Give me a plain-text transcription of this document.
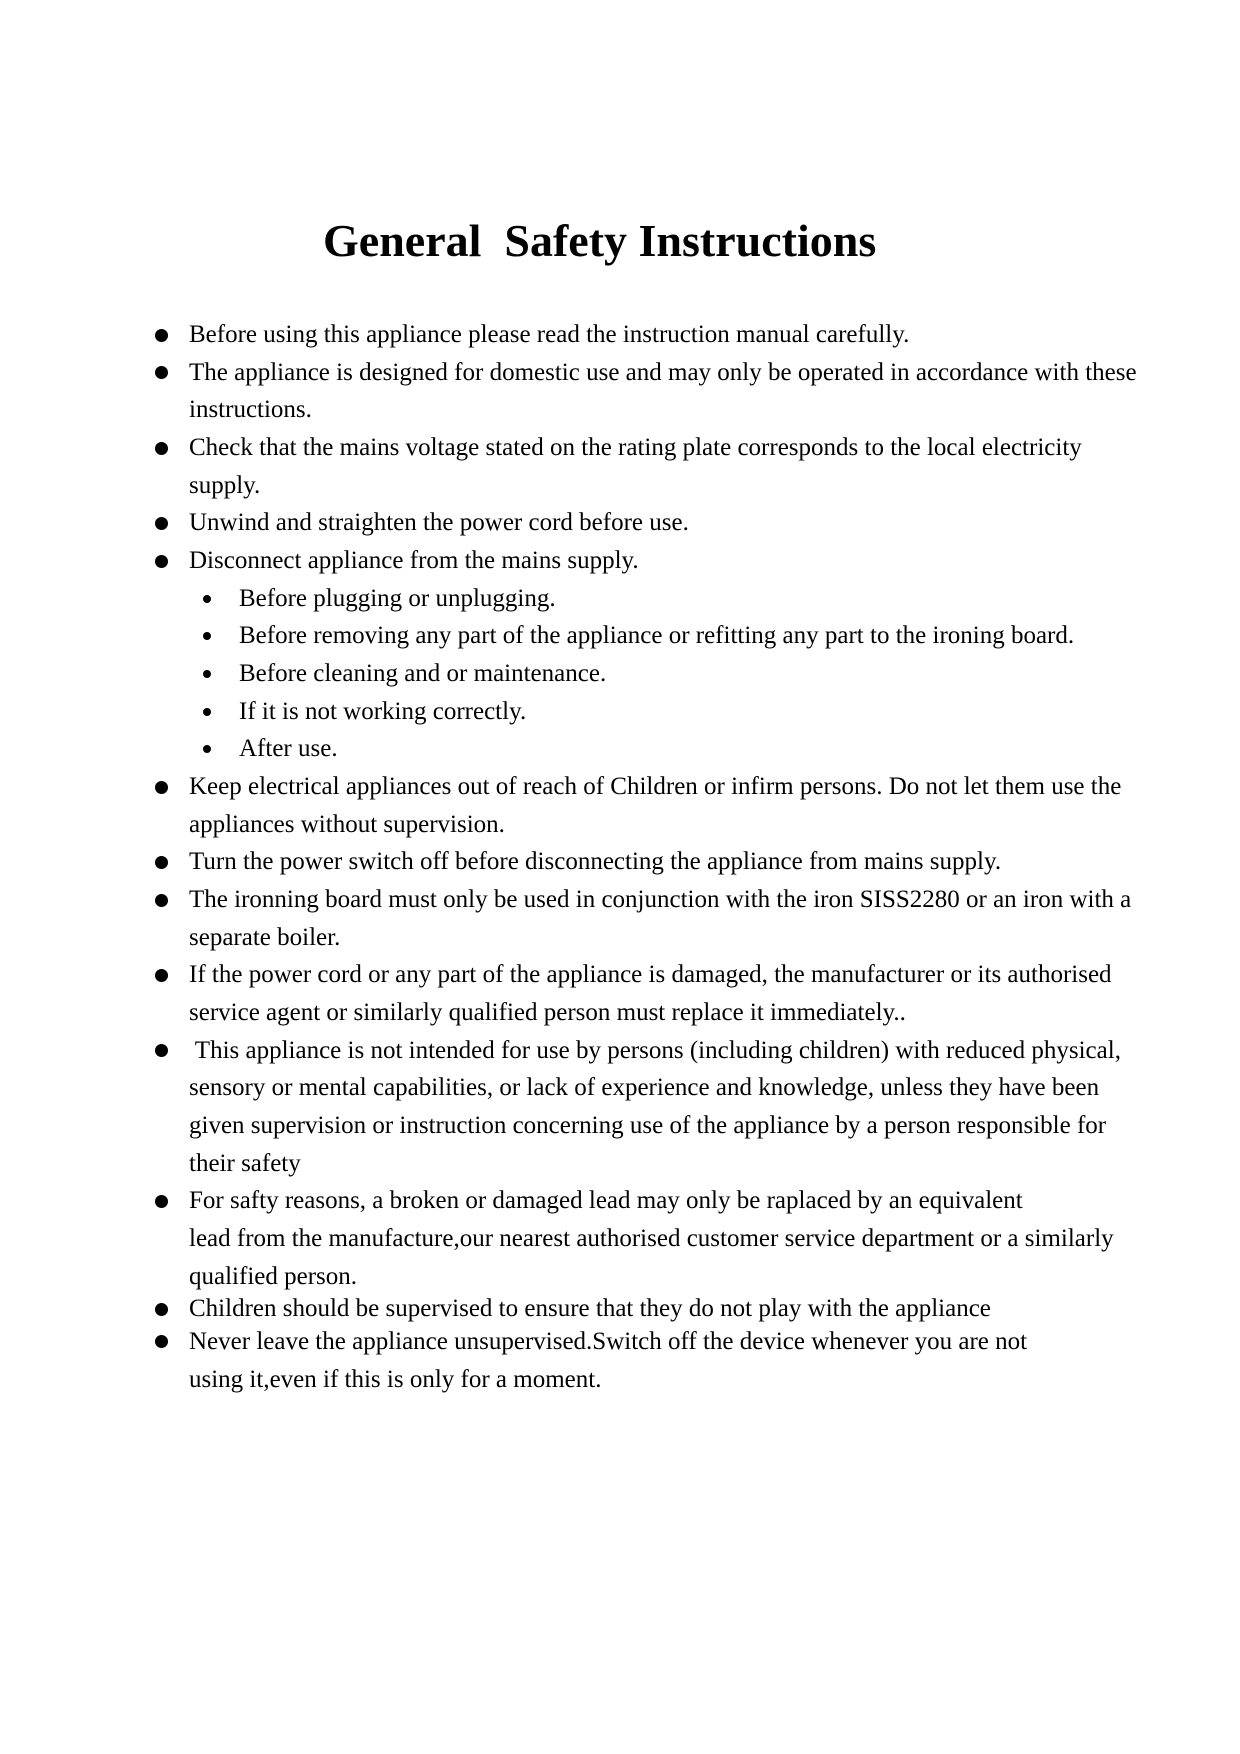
General  Safety Instructions
Before using this appliance please read the instruction manual carefully.
The appliance is designed for domestic use and may only be operated in accordance with these
instructions.
Check that the mains voltage stated on the rating plate corresponds to the local electricity
supply.
Unwind and straighten the power cord before use.
Disconnect appliance from the mains supply.
Before plugging or unplugging.
Before removing any part of the appliance or refitting any part to the ironing board.
Before cleaning and or maintenance.
If it is not working correctly.
After use.
Keep electrical appliances out of reach of Children or infirm persons. Do not let them use the
appliances without supervision.
Turn the power switch off before disconnecting the appliance from mains supply.
The ironning board must only be used in conjunction with the iron SISS2280 or an iron with a
separate boiler.
If the power cord or any part of the appliance is damaged, the manufacturer or its authorised
service agent or similarly qualified person must replace it immediately..
This appliance is not intended for use by persons (including children) with reduced physical,
sensory or mental capabilities, or lack of experience and knowledge, unless they have been
given supervision or instruction concerning use of the appliance by a person responsible for
their safety
For safty reasons, a broken or damaged lead may only be raplaced by an equivalent
lead from the manufacture,our nearest authorised customer service department or a similarly
qualified person.
Children should be supervised to ensure that they do not play with the appliance
Never leave the appliance unsupervised.Switch off the device whenever you are not
using it,even if this is only for a moment.
